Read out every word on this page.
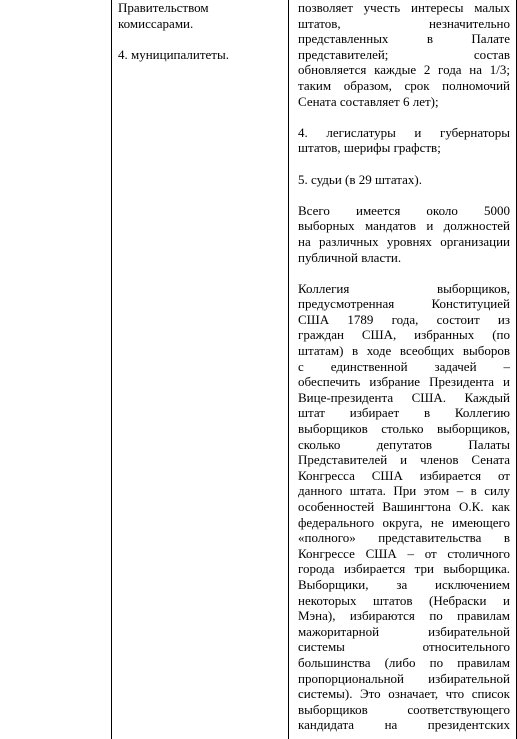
Правительством
комиссарами.

4. муниципалитеты.

позволяет учесть интересы малых
штатов, незначительно
представленных в Палате
представителей; состав
обновляется каждые 2 года на 1/3;
таким образом, срок полномочий
Сената составляет 6 лет);
4. легислатуры и губернаторы
штатов, шерифы графств;
5. судьи (в 29 штатах).
Всего имеется около 5000
выборных мандатов и должностей
на различных уровнях организации
публичной власти.
Коллегия выборщиков,
предусмотренная Конституцией
США 1789 года, состоит из
граждан США, избранных (по
штатам) в ходе всеобщих выборов
с единственной задачей –
обеспечить избрание Президента и
Вице-президента США. Каждый
штат избирает в Коллегию
выборщиков столько выборщиков,
сколько депутатов Палаты
Представителей и членов Сената
Конгресса США избирается от
данного штата. При этом – в силу
особенностей Вашингтона О.К. как
федерального округа, не имеющего
«полного» представительства в
Конгрессе США – от столичного
города избирается три выборщика.
Выборщики, за исключением
некоторых штатов (Небраски и
Мэна), избираются по правилам
мажоритарной избирательной
системы относительного
большинства (либо по правилам
пропорциональной избирательной
системы). Это означает, что список
выборщиков соответствующего
кандидата на президентских
